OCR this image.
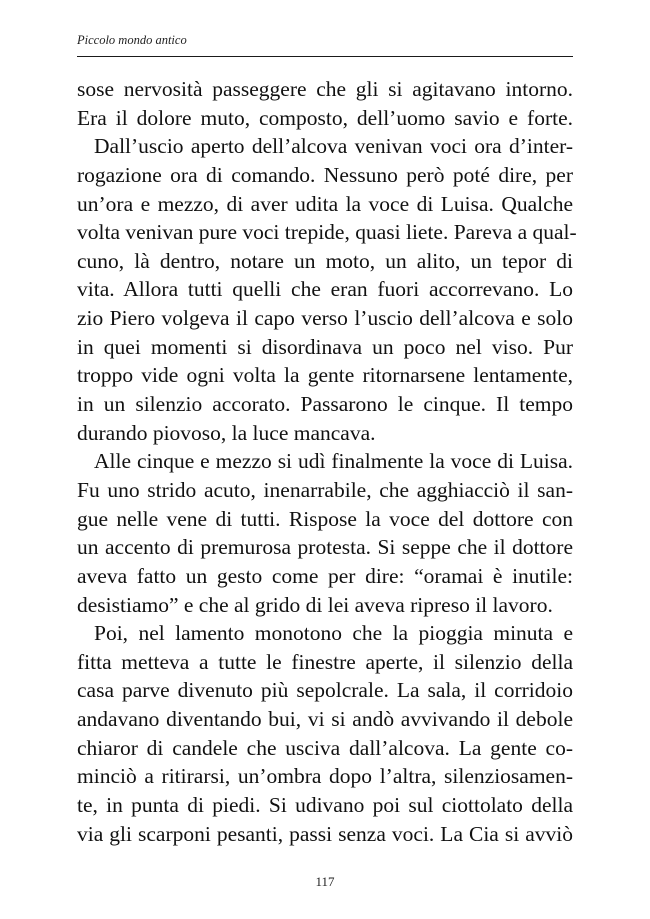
Piccolo mondo antico

sose nervosità passeggere che gli si agitavano intorno.
Era il dolore muto, composto, dell’uomo savio e forte.
Dall’uscio aperto dell’alcova venivan voci ora d’inter-
rogazione ora di comando. Nessuno però poté dire, per
un’ora e mezzo, di aver udita la voce di Luisa. Qualche
volta venivan pure voci trepide, quasi liete. Pareva a qual-
cuno, là dentro, notare un moto, un alito, un tepor di
vita. Allora tutti quelli che eran fuori accorrevano. Lo
zio Piero volgeva il capo verso l’uscio dell’alcova e solo
in quei momenti si disordinava un poco nel viso. Pur
troppo vide ogni volta la gente ritornarsene lentamente,
in un silenzio accorato. Passarono le cinque. Il tempo
durando piovoso, la luce mancava.
Alle cinque e mezzo si udì finalmente la voce di Luisa.
Fu uno strido acuto, inenarrabile, che agghiacciò il san-
gue nelle vene di tutti. Rispose la voce del dottore con
un accento di premurosa protesta. Si seppe che il dottore
aveva fatto un gesto come per dire: “oramai è inutile:
desistiamo” e che al grido di lei aveva ripreso il lavoro.
Poi, nel lamento monotono che la pioggia minuta e
fitta metteva a tutte le finestre aperte, il silenzio della
casa parve divenuto più sepolcrale. La sala, il corridoio
andavano diventando bui, vi si andò avvivando il debole
chiaror di candele che usciva dall’alcova. La gente co-
minciò a ritirarsi, un’ombra dopo l’altra, silenziosamen-
te, in punta di piedi. Si udivano poi sul ciottolato della
via gli scarponi pesanti, passi senza voci. La Cia si avviò

117
